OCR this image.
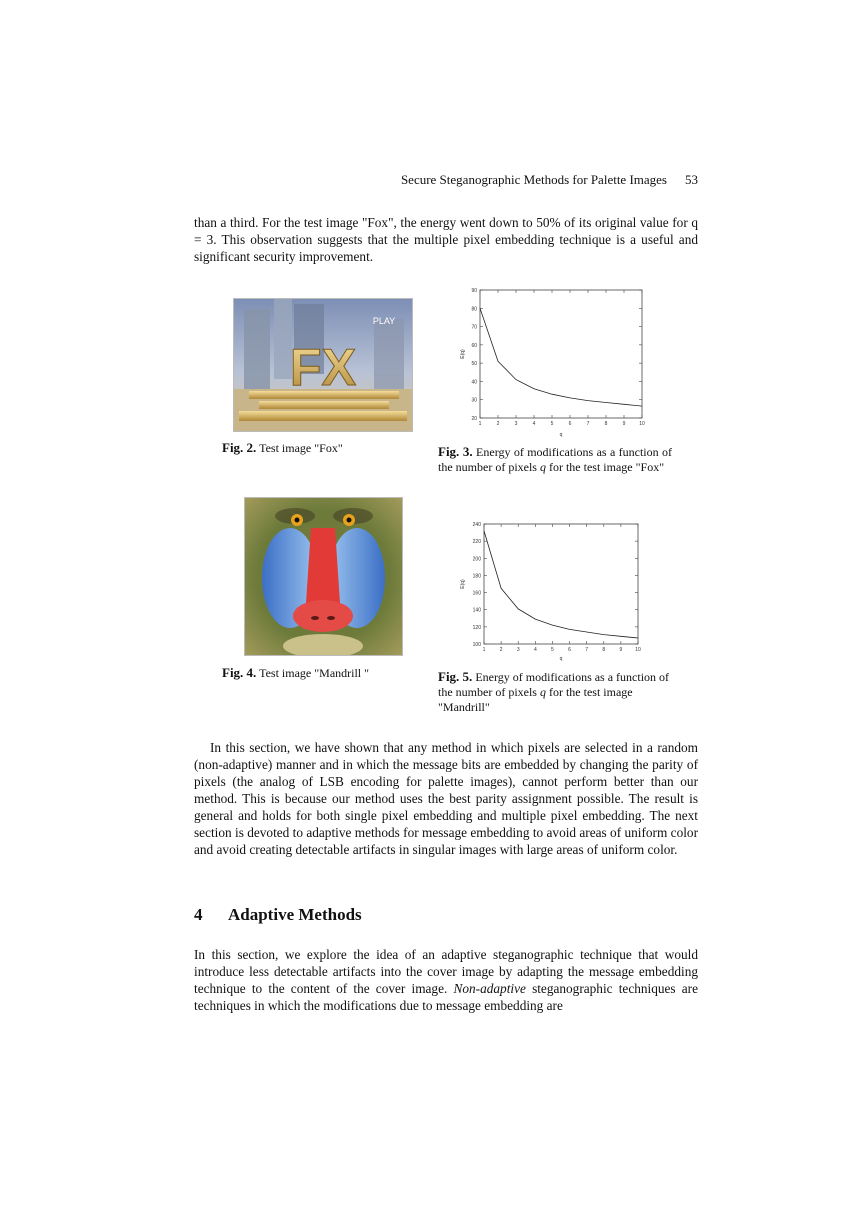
Secure Steganographic Methods for Palette Images 53
than a third. For the test image "Fox", the energy went down to 50% of its original value for q = 3. This observation suggests that the multiple pixel embedding technique is a useful and significant security improvement.
FX
PLAY
Fig. 2. Test image "Fox"
1	2	3	4	5	6	7	8	9	10
20
30
40
50
60
70
80
90
q
E(q)
Fig. 3. Energy of modifications as a function of the number of pixels q for the test image "Fox"
Fig. 4. Test image "Mandrill "
1	2	3	4	5	6	7	8	9	10
100
120
140
160
180
200
220
240
q
E(q)
Fig. 5. Energy of modifications as a function of the number of pixels q for the test image "Mandrill"
In this section, we have shown that any method in which pixels are selected in a random (non-adaptive) manner and in which the message bits are embedded by changing the parity of pixels (the analog of LSB encoding for palette images), cannot perform better than our method. This is because our method uses the best parity assignment possible. The result is general and holds for both single pixel embedding and multiple pixel embedding. The next section is devoted to adaptive methods for message embedding to avoid areas of uniform color and avoid creating detectable artifacts in singular images with large areas of uniform color.
4 Adaptive Methods
In this section, we explore the idea of an adaptive steganographic technique that would introduce less detectable artifacts into the cover image by adapting the message embedding technique to the content of the cover image. Non-adaptive steganographic techniques are techniques in which the modifications due to message embedding are
